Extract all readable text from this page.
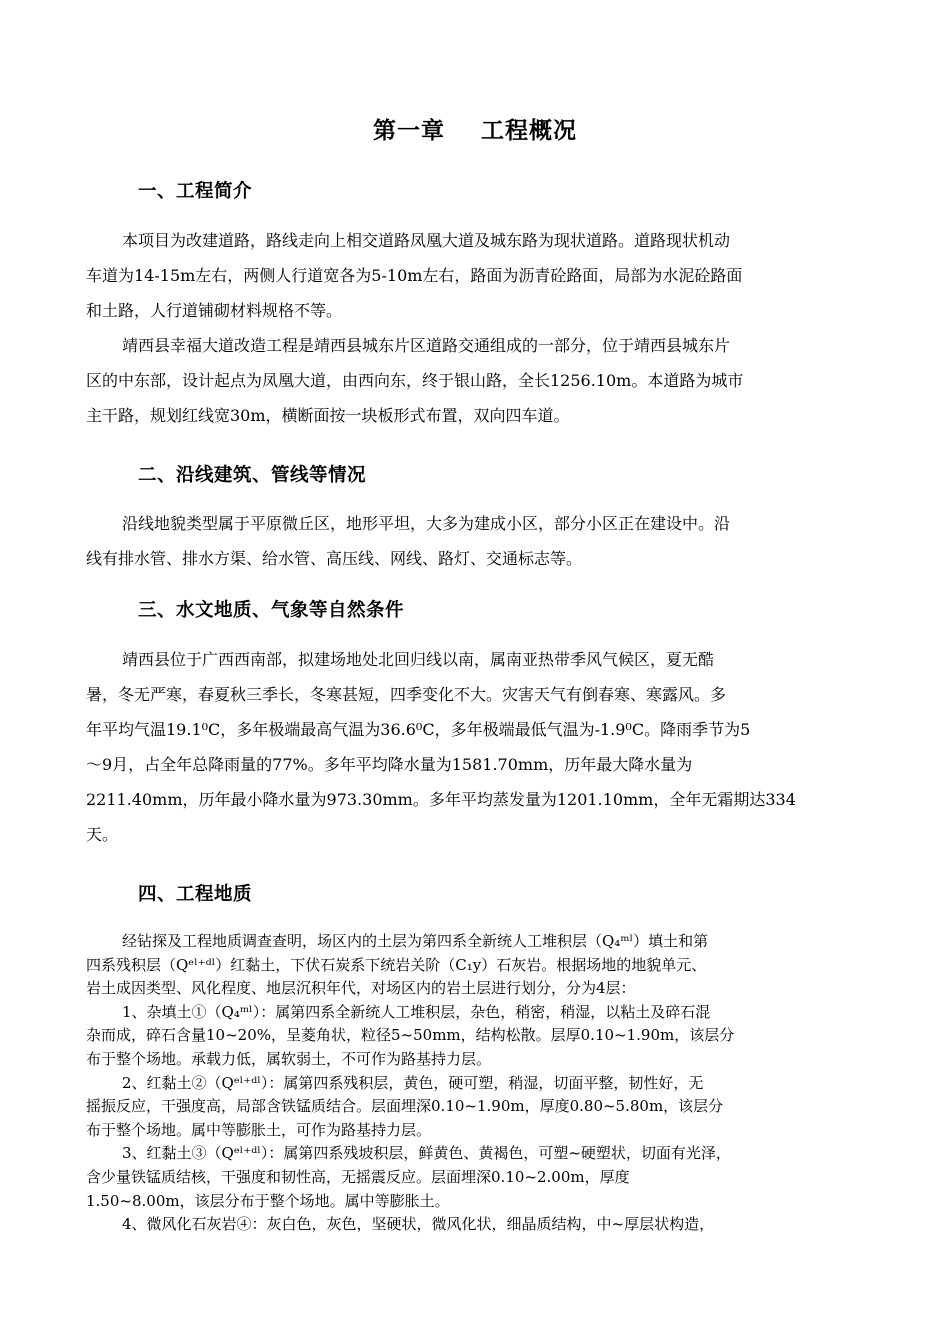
第一章    工程概况
一、工程简介
本项目为改建道路，路线走向上相交道路凤凰大道及城东路为现状道路。道路现状机动
车道为14-15m左右，两侧人行道宽各为5-10m左右，路面为沥青砼路面，局部为水泥砼路面
和土路，人行道铺砌材料规格不等。
靖西县幸福大道改造工程是靖西县城东片区道路交通组成的一部分，位于靖西县城东片
区的中东部，设计起点为凤凰大道，由西向东，终于银山路，全长1256.10m。本道路为城市
主干路，规划红线宽30m，横断面按一块板形式布置，双向四车道。
二、沿线建筑、管线等情况
沿线地貌类型属于平原微丘区，地形平坦，大多为建成小区，部分小区正在建设中。沿
线有排水管、排水方渠、给水管、高压线、网线、路灯、交通标志等。
三、水文地质、气象等自然条件
靖西县位于广西西南部，拟建场地处北回归线以南，属南亚热带季风气候区，夏无酷
暑，冬无严寒，春夏秋三季长，冬寒甚短，四季变化不大。灾害天气有倒春寒、寒露风。多
年平均气温19.1⁰C，多年极端最高气温为36.6⁰C，多年极端最低气温为-1.9⁰C。降雨季节为5
～9月，占全年总降雨量的77%。多年平均降水量为1581.70mm，历年最大降水量为
2211.40mm，历年最小降水量为973.30mm。多年平均蒸发量为1201.10mm，全年无霜期达334
天。
四、工程地质
经钻探及工程地质调查查明，场区内的土层为第四系全新统人工堆积层（Q₄ᵐˡ）填土和第
四系残积层（Qᵉˡ⁺ᵈˡ）红黏土，下伏石炭系下统岩关阶（C₁y）石灰岩。根据场地的地貌单元、
岩土成因类型、风化程度、地层沉积年代，对场区内的岩土层进行划分，分为4层：
1、杂填土①（Q₄ᵐˡ）：属第四系全新统人工堆积层，杂色，稍密，稍湿，以粘土及碎石混
杂而成，碎石含量10~20%，呈菱角状，粒径5~50mm，结构松散。层厚0.10~1.90m，该层分
布于整个场地。承载力低，属软弱土，不可作为路基持力层。
2、红黏土②（Qᵉˡ⁺ᵈˡ）：属第四系残积层，黄色，硬可塑，稍湿，切面平整，韧性好，无
摇振反应，干强度高，局部含铁锰质结合。层面埋深0.10~1.90m，厚度0.80~5.80m，该层分
布于整个场地。属中等膨胀土，可作为路基持力层。
3、红黏土③（Qᵉˡ⁺ᵈˡ）：属第四系残坡积层，鲜黄色、黄褐色，可塑~硬塑状，切面有光泽，
含少量铁锰质结核，干强度和韧性高，无摇震反应。层面埋深0.10~2.00m，厚度
1.50~8.00m，该层分布于整个场地。属中等膨胀土。
4、微风化石灰岩④：灰白色，灰色，坚硬状，微风化状，细晶质结构，中~厚层状构造，
